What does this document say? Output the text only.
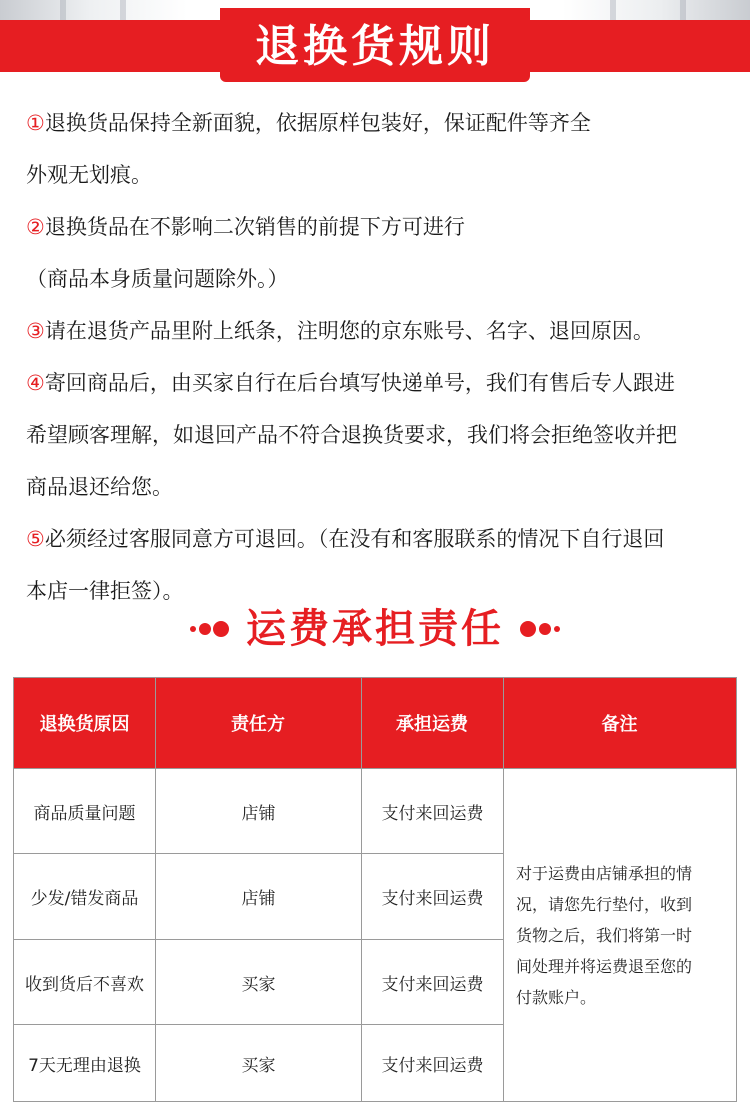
退换货规则
①退换货品保持全新面貌，依据原样包装好，保证配件等齐全
外观无划痕。
②退换货品在不影响二次销售的前提下方可进行
（商品本身质量问题除外。）
③请在退货产品里附上纸条，注明您的京东账号、名字、退回原因。
④寄回商品后，由买家自行在后台填写快递单号，我们有售后专人跟进
希望顾客理解，如退回产品不符合退换货要求，我们将会拒绝签收并把
商品退还给您。
⑤必须经过客服同意方可退回。（在没有和客服联系的情况下自行退回
本店一律拒签）。
运费承担责任
退换货原因	责任方	承担运费	备注
商品质量问题	店铺	支付来回运费
少发/错发商品	店铺	支付来回运费
收到货后不喜欢	买家	支付来回运费
7天无理由退换	买家	支付来回运费
对于运费由店铺承担的情
况，请您先行垫付，收到
货物之后，我们将第一时
间处理并将运费退至您的
付款账户。
